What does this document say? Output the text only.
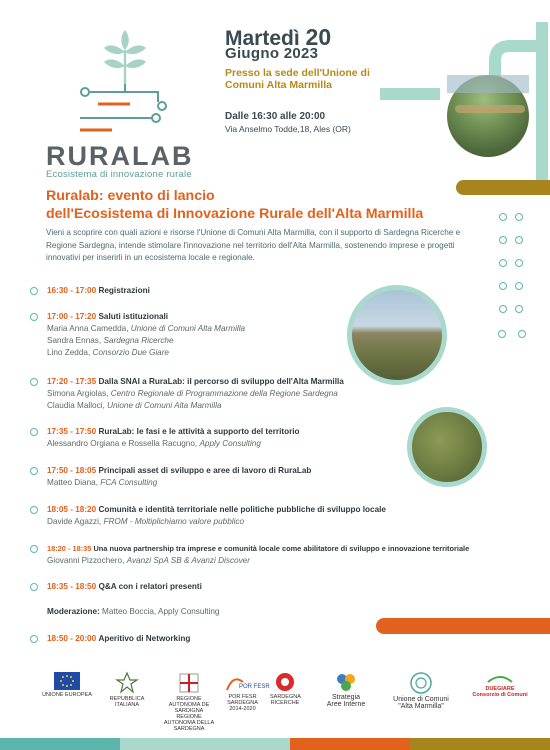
RURALAB
Ecosistema di innovazione rurale
Martedì 20
Giugno 2023
Presso la sede dell'Unione di Comuni Alta Marmilla
Dalle 16:30 alle 20:00
Via Anselmo Todde,18, Ales (OR)
Ruralab: evento di lancio
dell'Ecosistema di Innovazione Rurale dell'Alta Marmilla
Vieni a scoprire con quali azioni e risorse l'Unione di Comuni Alta Marmilla, con il supporto di Sardegna Ricerche e Regione Sardegna, intende stimolare l'innovazione nel territorio dell'Alta Marmilla, sostenendo imprese e progetti innovativi per inserirli in un ecosistema locale e regionale.
16:30 - 17:00 Registrazioni
17:00 - 17:20 Saluti istituzionali
Maria Anna Camedda, Unione di Comuni Alta Marmilla
Sandra Ennas, Sardegna Ricerche
Lino Zedda, Consorzio Due Giare
17:20 - 17:35 Dalla SNAI a RuraLab: il percorso di sviluppo dell'Alta Marmilla
Simona Argiolas, Centro Regionale di Programmazione della Regione Sardegna
Claudia Malloci, Unione di Comuni Alta Marmilla
17:35 - 17:50 RuraLab: le fasi e le attività a supporto del territorio
Alessandro Orgiana e Rossella Racugno, Apply Consulting
17:50 - 18:05 Principali asset di sviluppo e aree di lavoro di RuraLab
Matteo Diana, FCA Consulting
18:05 - 18:20 Comunità e identità territoriale nelle politiche pubbliche di sviluppo locale
Davide Agazzi, FROM - Moltiplichiamo valore pubblico
18:20 - 18:35 Una nuova partnership tra imprese e comunità locale come abilitatore di sviluppo e innovazione territoriale
Giovanni Pizzochero, Avanzi SpA SB & Avanzi Discover
18:35 - 18:50 Q&A con i relatori presenti
18:50 - 20:00 Aperitivo di Networking
Moderazione: Matteo Boccia, Apply Consulting
UNIONE EUROPEA
REPUBBLICA ITALIANA
REGIONE AUTONOMA DE SARDIGNA
REGIONE AUTONOMA DELLA SARDEGNA
POR FESR
POR FESR SARDEGNA 2014-2020
SARDEGNA RICERCHE
Strategia
Aree Interne
Unione di Comuni
"Alta Marmilla"
DUEGIARE
Consorzio di Comuni
